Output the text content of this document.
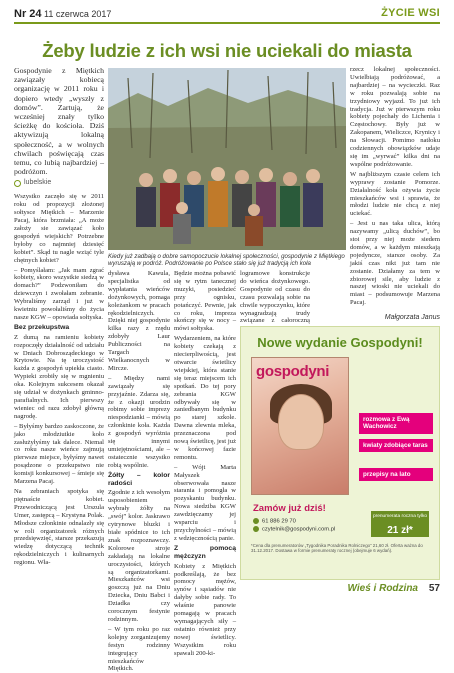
Nr 24 11 czerwca 2017	ŻYCIE WSI
Żeby ludzie z ich wsi nie uciekali do miasta

Gospodynie z Miętkich zawiązały kobiecą organizację w 2011 roku i dopiero wtedy „wyszły z domów”. Zartują, że wcześniej znały tylko ścieżkę do kościoła. Dziś aktywizują lokalną społeczność, a w wolnych chwilach poświęcają czas temu, co lubią najbardziej – podróżom.

lubelskie

Wszystko zaczęło się w 2011 roku od propozycji złożonej sołtysce Miętkich – Marzenie Pacaj, która brzmiała: „A może założy sie zawiązać koło gospodyń wiejskich? Potrzebne byłoby co najmniej dziesięć kobiet”. Skąd tu nagle wziąć tyle chętnych kobiet?

– Pomyślałam: „Jak mam zgrać kobiety, skoro wszystkie siedzą w domach?” Podzwoniłam do dziewczyn i zwołałam zebranie. Wybraliśmy zarząd i już w kwietniu powołaliśmy do życia nasze KGW – opowiada sołtyska.

Bez przekupstwa

Z dumą na ramieniu kobiety rozpoczęły działalność od udziału w Dniach Dobrosządeckiego w Krytowie. Na tę uroczystość każda z gospodyń upiekła ciasto. Wypieki zrobiły się w mgnieniu oka. Kolejnym sukcesem okazał się udział w dożynkach gminno-parafialnych. Ich pierwszy wieniec od razu zdobył główną nagrodę.

– Byłyśmy bardzo zaskoczone, że jako młodziutkie koło zasłużyłyśmy tak dalece. Niemal co roku nasze wieńce zajmują pierwsze miejsce, byłyśmy nawet posądzone o przekupstwo nie komisji konkursowej – śmieje się Marzena Pacaj.

Na zebraniach spotyka się piętnaście kobiet. Przewodniczącą jest Urszula Umer, zastępcą – Krystyna Polak. Młodsze członkinie odnalazły się w roli organizatorek różnych przedsięwzięć, starsze przekazują wiedzę dotyczącą technik rękodzielniczych i kulinarnych regionu. Wła-

Kiedy już zadbają o dobre samopoczucie lokalnej społeczności, gospodynie z Miętkiego wyruszają w podróż. Podróżowanie po Polsce stało się już tradycją ich koła

dysława Kawula, specjalistka od wypłatania wieńców dożynkowych, pomaga koleżankom w pracach rękodzielniczych. Dzięki niej gospodynie kilka razy z rzędu zdobyły Laur Publiczności na Targach Wielkanocnych w Mircze.

– Między nami zawiązały się przyjaźnie. Zdarza się, że z okazji urodzin robimy sobie imprezy niespodzianki – mówią członkinie koła. Każda z gospodyń wyróżnia się innymi umiejętnościami, ale – ostatecznie wszystko robią wspólnie.

Żółty – kolor radości

Zgodnie z ich wesołym usposobieniem wybrały żółty na „swój” kolor. Jaskrawo cytrynowe bluzki i białe spódnice to ich znak rozpoznawczy. Kolorowe stroje zakładają na lokalne uroczystości, których są organizatorkami. Mieszkańców wsi goszczą już na Dniu Dziecka, Dniu Babci i Dziadka czy corocznym festynie rodzinnym.

– W tym roku po raz kolejny zorganizujemy festyn rodzinny integrujący mieszkańców Miętkich.

Będzie można pobawić się w rytm tanecznej muzyki, posiedzieć przy ognisku, potańczyć. Pewnie, jak co roku, impreza skończy się w nocy – mówi sołtyska.

Wydarzeniem, na które kobiety czekają z niecierpliwością, jest otwarcie świetlicy wiejskiej, która stanie się teraz miejscem ich spotkań. Do tej pory zebrania KGW odbywały się w zaniedbanym budynku po starej szkole. Dawna zlewnia mleka, przeznaczona pod nową świetlicę, jest już w końcowej fazie remontu.

– Wójt Marta Małyszek obserwowała nasze starania i pomogła w pozyskaniu budynku. Nowa siedziba KGW zawdzięczamy jej wsparciu i przychylności – mówią z wdzięcznością panie.

Z pomocą mężczyzn

Kobiety z Miętkich podkreślają, że bez pomocy mężów, synów i sąsiadów nie dałyby sobie rady. To właśnie panowie pomagają w pracach wymagających siły – ostatnio również przy nowej świetlicy. Wszystkim roku spawali 200-ki-

logramowe konstrukcje do wieńca dożynkowego. Gospodynie od czasu do czasu pozwalają sobie na chwile wypoczynku, które wynagradzają trudy związane z całoroczną

rzecz lokalnej społeczności. Uwielbiają podróżować, a najbardziej – na wycieczki. Raz w roku pozwalają sobie na trzydniowy wyjazd. To już ich tradycja. Już w pierwszym roku kobiety pojechały do Lichenia i Częstochowy. Były już w Zakopanem, Wieliczce, Krynicy i na Słowacji. Pomimo natłoku codziennych obowiązków udaje się im „wyrwać” kilka dni na wspólne podróżowanie.

W najbliższym czasie celem ich wyprawy zostanie Pomorze. Działalność koła ożywia życie mieszkańców wsi i sprawia, że młodzi ludzie nie chcą z niej uciekać.

– Jest u nas taka ulica, którą nazywamy „ulicą duchów”, bo stoi przy niej może siedem domów, a w każdym mieszkają pojedyncze, starsze osoby. Za jakiś czas nikt już tam nie zostanie. Działamy za tem w zbiorowej sile, aby ludzie z naszej wioski nie uciekali do miast – podsumowuje Marzena Pacaj.

Małgorzata Janus
Nowe wydanie Gospodyni!
gospodyni
rozmowa z Ewą Wachowicz
kwiaty zdobiące taras
przepisy na lato
Zamów już dziś!
61 886 29 70
czytelnik@gospodyni.com.pl
prenumerata roczna tylko
21 zł*
*Cena dla prenumeratorów „Tygodnika Poradnika Rolniczego” 21,60 zł. Oferta ważna do 31.12.2017. Dostawa w formie prenumeraty rocznej (obejmuje 6 wydań).
Wieś i Rodzina 57
